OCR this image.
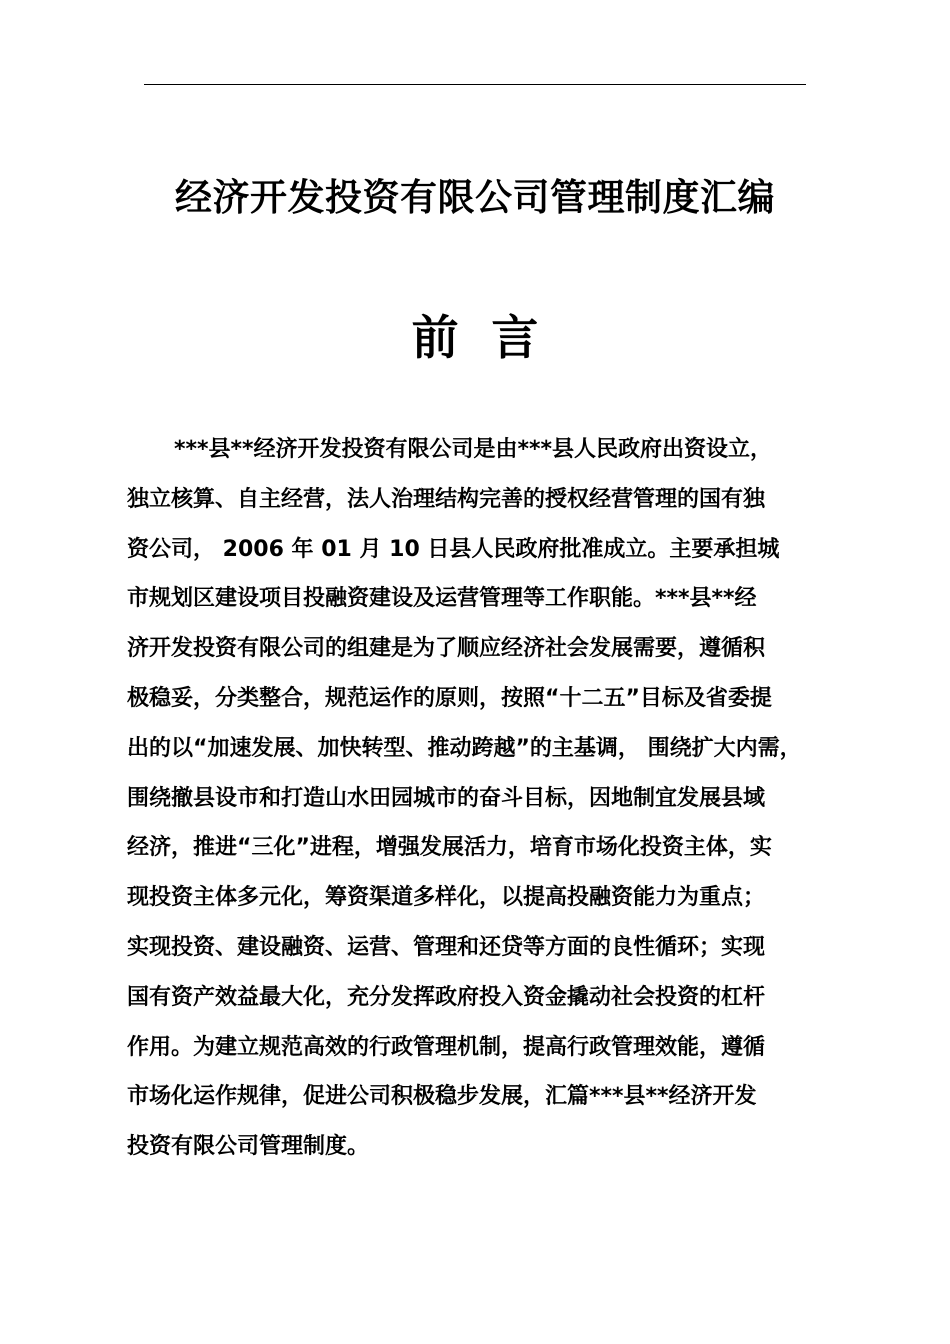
经济开发投资有限公司管理制度汇编
前  言
***县**经济开发投资有限公司是由***县人民政府出资设立，
独立核算、自主经营，法人治理结构完善的授权经营管理的国有独
资公司， 2006 年 01 月 10 日县人民政府批准成立。主要承担城
市规划区建设项目投融资建设及运营管理等工作职能。***县**经
济开发投资有限公司的组建是为了顺应经济社会发展需要，遵循积
极稳妥，分类整合，规范运作的原则，按照“十二五”目标及省委提
出的以“加速发展、加快转型、推动跨越”的主基调， 围绕扩大内需，
围绕撤县设市和打造山水田园城市的奋斗目标，因地制宜发展县域
经济，推进“三化”进程，增强发展活力，培育市场化投资主体，实
现投资主体多元化，筹资渠道多样化，以提高投融资能力为重点；
实现投资、建设融资、运营、管理和还贷等方面的良性循环；实现
国有资产效益最大化，充分发挥政府投入资金撬动社会投资的杠杆
作用。为建立规范高效的行政管理机制，提高行政管理效能，遵循
市场化运作规律，促进公司积极稳步发展，汇篇***县**经济开发
投资有限公司管理制度。
